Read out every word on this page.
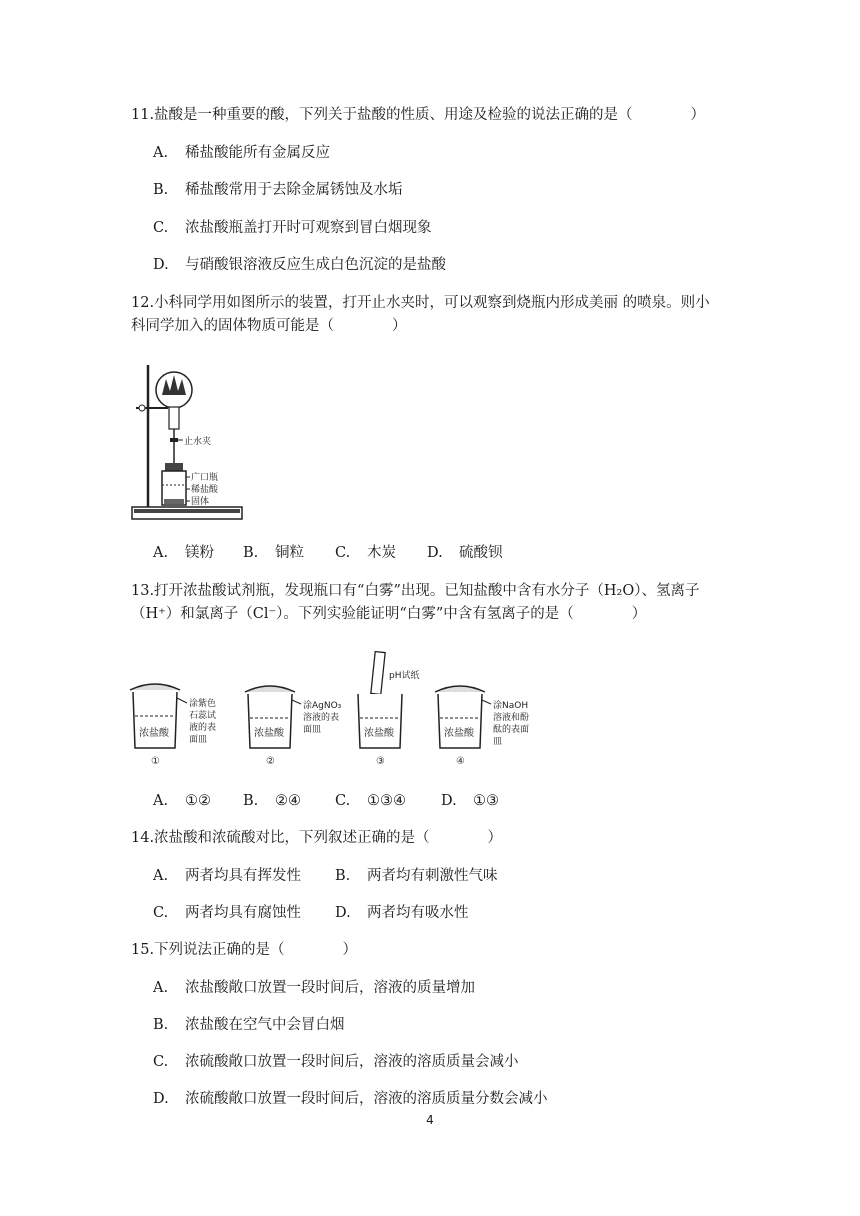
11.盐酸是一种重要的酸，下列关于盐酸的性质、用途及检验的说法正确的是（　　　　）
A. 稀盐酸能所有金属反应
B. 稀盐酸常用于去除金属锈蚀及水垢
C. 浓盐酸瓶盖打开时可观察到冒白烟现象
D. 与硝酸银溶液反应生成白色沉淀的是盐酸
12.小科同学用如图所示的装置，打开止水夹时，可以观察到烧瓶内形成美丽 的喷泉。则小
科同学加入的固体物质可能是（　　　　）
止水夹
广口瓶
稀盐酸
固体
A. 镁粉 B. 铜粒 C. 木炭 D. 硫酸钡
13.打开浓盐酸试剂瓶，发现瓶口有“白雾”出现。已知盐酸中含有水分子（H₂O）、氢离子
（H⁺）和氯离子（Cl⁻）。下列实验能证明“白雾”中含有氢离子的是（　　　　）
浓盐酸
涂紫色
石蕊试
液的表
面皿
①
浓盐酸
涂AgNO₃
溶液的表
面皿
②
pH试纸
浓盐酸
③
浓盐酸
涂NaOH
溶液和酚
酞的表面
皿
④
A. ①② B. ②④ C. ①③④ D. ①③
14.浓盐酸和浓硫酸对比，下列叙述正确的是（　　　　）
A. 两者均具有挥发性 B. 两者均有刺激性气味
C. 两者均具有腐蚀性 D. 两者均有吸水性
15.下列说法正确的是（　　　　）
A. 浓盐酸敞口放置一段时间后，溶液的质量增加
B. 浓盐酸在空气中会冒白烟
C. 浓硫酸敞口放置一段时间后，溶液的溶质质量会减小
D. 浓硫酸敞口放置一段时间后，溶液的溶质质量分数会减小
4
